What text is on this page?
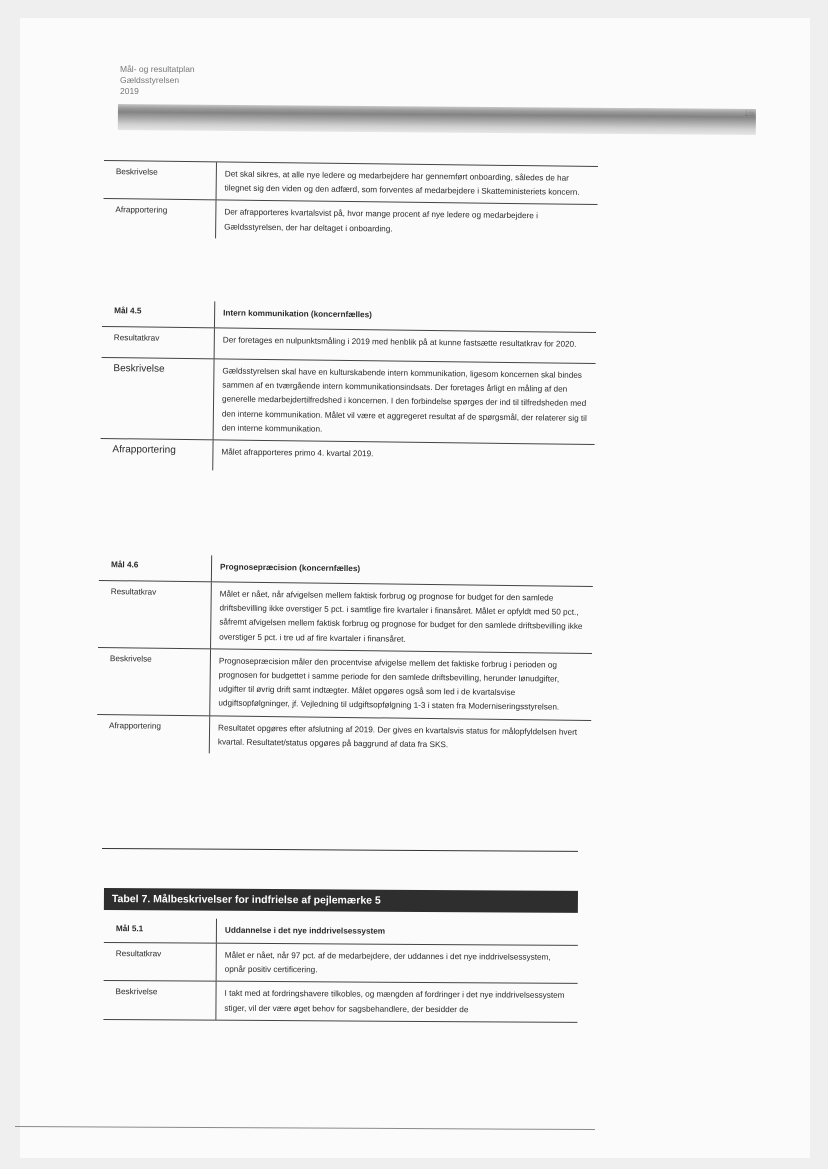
Mål- og resultatplan
Gældsstyrelsen
2019
Beskrivelse	Det skal sikres, at alle nye ledere og medarbejdere har gennemført onboarding, således de har tilegnet sig den viden og den adfærd, som forventes af medarbejdere i Skatteministeriets koncern.
Afrapportering	Der afrapporteres kvartalsvist på, hvor mange procent af nye ledere og medarbejdere i Gældsstyrelsen, der har deltaget i onboarding.
Mål 4.5	Intern kommunikation (koncernfælles)
Resultatkrav	Der foretages en nulpunktsmåling i 2019 med henblik på at kunne fastsætte resultatkrav for 2020.
Beskrivelse	Gældsstyrelsen skal have en kulturskabende intern kommunikation, ligesom koncernen skal bindes sammen af en tværgående intern kommunikationsindsats. Der foretages årligt en måling af den generelle medarbejdertilfredshed i koncernen. I den forbindelse spørges der ind til tilfredsheden med den interne kommunikation. Målet vil være et aggregeret resultat af de spørgsmål, der relaterer sig til den interne kommunikation.
Afrapportering	Målet afrapporteres primo 4. kvartal 2019.
Mål 4.6	Prognosepræcision (koncernfælles)
Resultatkrav	Målet er nået, når afvigelsen mellem faktisk forbrug og prognose for budget for den samlede driftsbevilling ikke overstiger 5 pct. i samtlige fire kvartaler i finansåret. Målet er opfyldt med 50 pct., såfremt afvigelsen mellem faktisk forbrug og prognose for budget for den samlede driftsbevilling ikke overstiger 5 pct. i tre ud af fire kvartaler i finansåret.
Beskrivelse	Prognosepræcision måler den procentvise afvigelse mellem det faktiske forbrug i perioden og prognosen for budgettet i samme periode for den samlede driftsbevilling, herunder lønudgifter, udgifter til øvrig drift samt indtægter. Målet opgøres også som led i de kvartalsvise udgiftsopfølgninger, jf. Vejledning til udgiftsopfølgning 1-3 i staten fra Moderniseringsstyrelsen.
Afrapportering	Resultatet opgøres efter afslutning af 2019. Der gives en kvartalsvis status for målopfyldelsen hvert kvartal. Resultatet/status opgøres på baggrund af data fra SKS.
Tabel 7. Målbeskrivelser for indfrielse af pejlemærke 5
Mål 5.1	Uddannelse i det nye inddrivelsessystem
Resultatkrav	Målet er nået, når 97 pct. af de medarbejdere, der uddannes i det nye inddrivelsessystem, opnår positiv certificering.
Beskrivelse	I takt med at fordringshavere tilkobles, og mængden af fordringer i det nye inddrivelsessystem stiger, vil der være øget behov for sagsbehandlere, der besidder de
